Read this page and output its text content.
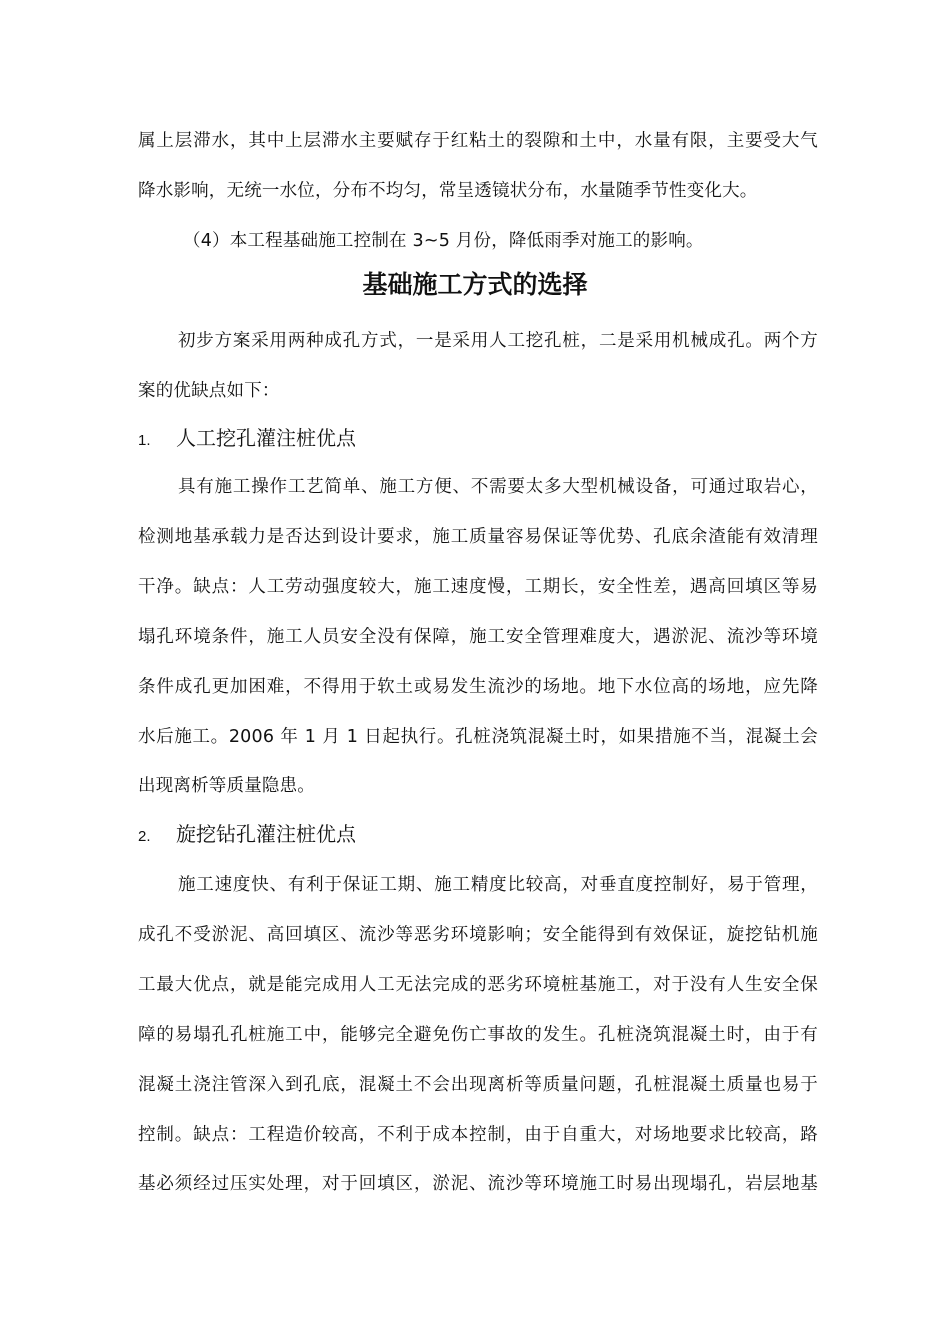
属上层滞水，其中上层滞水主要赋存于红粘土的裂隙和土中，水量有限，主要受大气
降水影响，无统一水位，分布不均匀，常呈透镜状分布，水量随季节性变化大。
（4）本工程基础施工控制在 3~5 月份，降低雨季对施工的影响。
基础施工方式的选择
初步方案采用两种成孔方式，一是采用人工挖孔桩，二是采用机械成孔。两个方
案的优缺点如下：
1. 人工挖孔灌注桩优点
具有施工操作工艺简单、施工方便、不需要太多大型机械设备，可通过取岩心，
检测地基承载力是否达到设计要求，施工质量容易保证等优势、孔底余渣能有效清理
干净。缺点：人工劳动强度较大，施工速度慢，工期长，安全性差，遇高回填区等易
塌孔环境条件，施工人员安全没有保障，施工安全管理难度大，遇淤泥、流沙等环境
条件成孔更加困难，不得用于软土或易发生流沙的场地。地下水位高的场地，应先降
水后施工。2006 年 1 月 1 日起执行。孔桩浇筑混凝土时，如果措施不当，混凝土会
出现离析等质量隐患。
2. 旋挖钻孔灌注桩优点
施工速度快、有利于保证工期、施工精度比较高，对垂直度控制好，易于管理，
成孔不受淤泥、高回填区、流沙等恶劣环境影响；安全能得到有效保证，旋挖钻机施
工最大优点，就是能完成用人工无法完成的恶劣环境桩基施工，对于没有人生安全保
障的易塌孔孔桩施工中，能够完全避免伤亡事故的发生。孔桩浇筑混凝土时，由于有
混凝土浇注管深入到孔底，混凝土不会出现离析等质量问题，孔桩混凝土质量也易于
控制。缺点：工程造价较高，不利于成本控制，由于自重大，对场地要求比较高，路
基必须经过压实处理，对于回填区，淤泥、流沙等环境施工时易出现塌孔，岩层地基
